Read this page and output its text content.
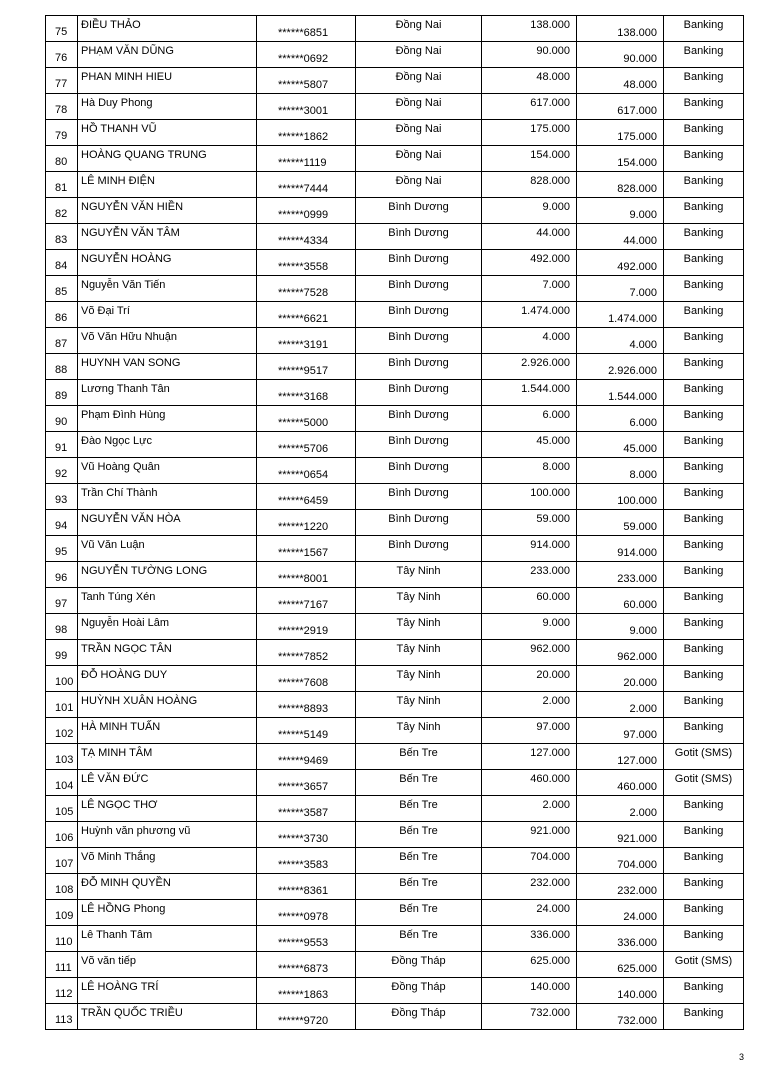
75	ĐIỀU THẢO	******6851	Đồng Nai	138.000	138.000	Banking

76	PHẠM VĂN DŨNG	******0692	Đồng Nai	90.000	90.000	Banking

77	PHAN MINH HIEU	******5807	Đồng Nai	48.000	48.000	Banking

78	Hà Duy Phong	******3001	Đồng Nai	617.000	617.000	Banking

79	HỒ THANH VŨ	******1862	Đồng Nai	175.000	175.000	Banking

80	HOÀNG QUANG TRUNG	******1119	Đồng Nai	154.000	154.000	Banking

81	LÊ MINH ĐIỆN	******7444	Đồng Nai	828.000	828.000	Banking

82	NGUYỄN VĂN HIỀN	******0999	Bình Dương	9.000	9.000	Banking

83	NGUYỄN VĂN TÂM	******4334	Bình Dương	44.000	44.000	Banking

84	NGUYỄN HOÀNG	******3558	Bình Dương	492.000	492.000	Banking

85	Nguyễn Văn Tiến	******7528	Bình Dương	7.000	7.000	Banking

86	Võ Đại Trí	******6621	Bình Dương	1.474.000	1.474.000	Banking

87	Võ Văn Hữu Nhuận	******3191	Bình Dương	4.000	4.000	Banking

88	HUYNH VAN SONG	******9517	Bình Dương	2.926.000	2.926.000	Banking

89	Lương Thanh Tân	******3168	Bình Dương	1.544.000	1.544.000	Banking

90	Phạm Đình Hùng	******5000	Bình Dương	6.000	6.000	Banking

91	Đào Ngọc Lực	******5706	Bình Dương	45.000	45.000	Banking

92	Vũ Hoàng Quân	******0654	Bình Dương	8.000	8.000	Banking

93	Trần Chí Thành	******6459	Bình Dương	100.000	100.000	Banking

94	NGUYỄN VĂN HÒA	******1220	Bình Dương	59.000	59.000	Banking

95	Vũ Văn Luận	******1567	Bình Dương	914.000	914.000	Banking

96	NGUYỄN TƯỜNG LONG	******8001	Tây Ninh	233.000	233.000	Banking

97	Tanh Túng Xén	******7167	Tây Ninh	60.000	60.000	Banking

98	Nguyễn Hoài Lâm	******2919	Tây Ninh	9.000	9.000	Banking

99	TRẦN NGỌC TÂN	******7852	Tây Ninh	962.000	962.000	Banking

100	ĐỖ HOÀNG DUY	******7608	Tây Ninh	20.000	20.000	Banking

101	HUỲNH XUÂN HOÀNG	******8893	Tây Ninh	2.000	2.000	Banking

102	HÀ MINH TUẤN	******5149	Tây Ninh	97.000	97.000	Banking

103	TẠ MINH TÂM	******9469	Bến Tre	127.000	127.000	Gotit (SMS)

104	LÊ VĂN ĐỨC	******3657	Bến Tre	460.000	460.000	Gotit (SMS)

105	LÊ NGỌC THƠ	******3587	Bến Tre	2.000	2.000	Banking

106	Huỳnh văn phương vũ	******3730	Bến Tre	921.000	921.000	Banking

107	Võ Minh Thắng	******3583	Bến Tre	704.000	704.000	Banking

108	ĐỖ MINH QUYỀN	******8361	Bến Tre	232.000	232.000	Banking

109	LÊ HỒNG Phong	******0978	Bến Tre	24.000	24.000	Banking

110	Lê Thanh Tâm	******9553	Bến Tre	336.000	336.000	Banking

111	Võ văn tiếp	******6873	Đồng Tháp	625.000	625.000	Gotit (SMS)

112	LÊ HOÀNG TRÍ	******1863	Đồng Tháp	140.000	140.000	Banking

113	TRẦN QUỐC TRIỀU	******9720	Đồng Tháp	732.000	732.000	Banking
3
